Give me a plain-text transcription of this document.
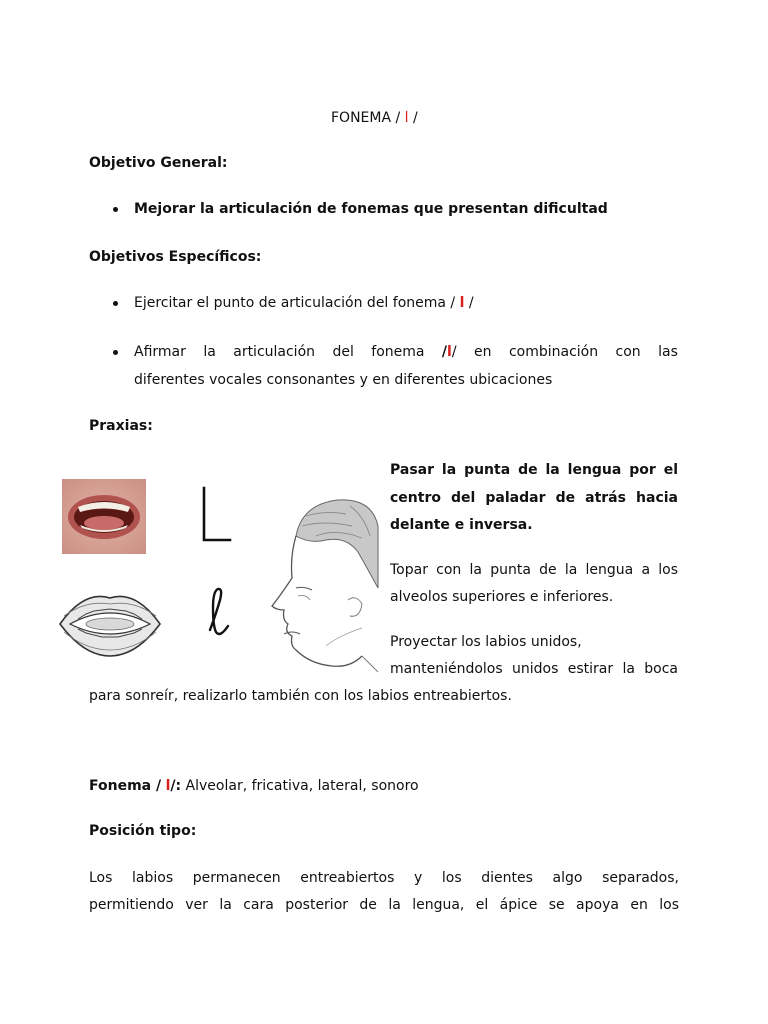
FONEMA / l /
Objetivo General:
Mejorar la articulación de fonemas que presentan dificultad
Objetivos Específicos:
Ejercitar el punto de articulación del fonema / l /
Afirmar la articulación del fonema /l/ en combinación con las
diferentes vocales consonantes y en diferentes ubicaciones
Praxias:
Pasar la punta de la lengua por el
centro del paladar de atrás hacia
delante e inversa.
Topar con la punta de la lengua a los
alveolos superiores e inferiores.
Proyectar los labios unidos,
manteniéndolos unidos estirar la boca
para sonreír, realizarlo también con los labios entreabiertos.
Fonema / l/: Alveolar, fricativa, lateral, sonoro
Posición tipo:
Los labios permanecen entreabiertos y los dientes algo separados,
permitiendo ver la cara posterior de la lengua, el ápice se apoya en los
